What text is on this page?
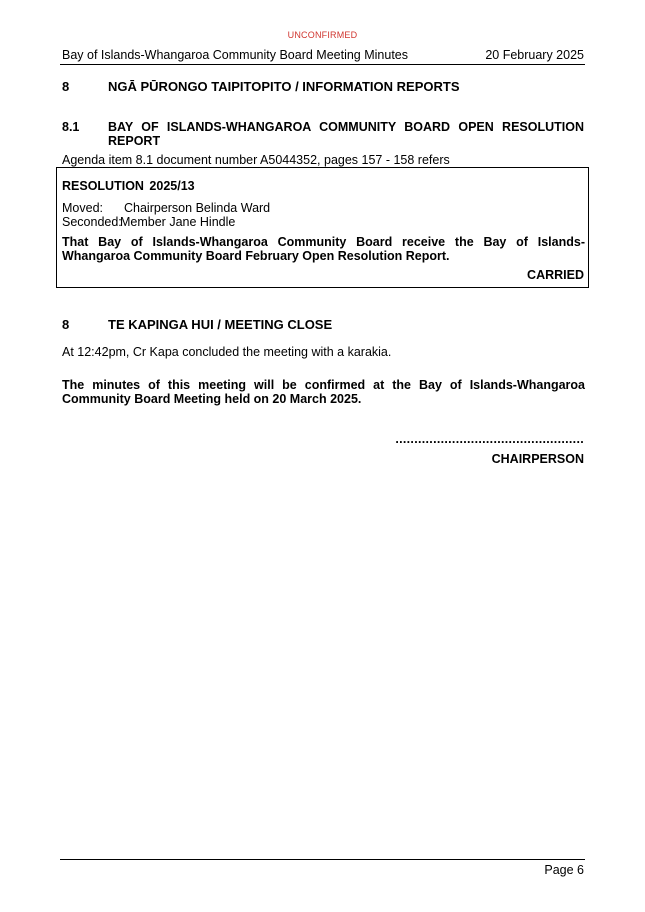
UNCONFIRMED
Bay of Islands-Whangaroa Community Board Meeting Minutes	20 February 2025
8	NGĀ PŪRONGO TAIPITOPITO / INFORMATION REPORTS
8.1 BAY OF ISLANDS-WHANGAROA COMMUNITY BOARD OPEN RESOLUTION
REPORT
Agenda item 8.1 document number A5044352, pages 157 - 158 refers
RESOLUTION 2025/13
Moved: Chairperson Belinda Ward
Seconded:
Member Jane Hindle
That Bay of Islands-Whangaroa Community Board receive the Bay of Islands-Whangaroa Community Board February Open Resolution Report.
CARRIED
8	TE KAPINGA HUI / MEETING CLOSE
At 12:42pm, Cr Kapa concluded the meeting with a karakia.
The minutes of this meeting will be confirmed at the Bay of Islands-Whangaroa Community Board Meeting held on 20 March 2025.
..................................................
CHAIRPERSON
Page 6
